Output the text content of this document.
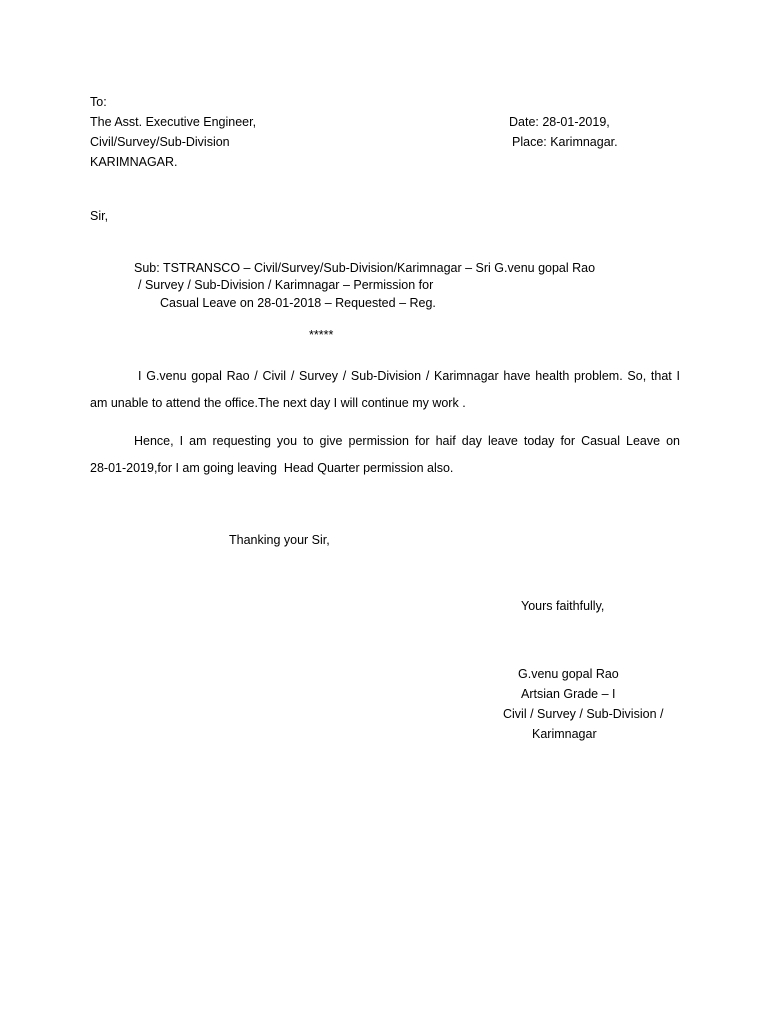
To:
The Asst. Executive Engineer,
Civil/Survey/Sub-Division
KARIMNAGAR.
Date: 28-01-2019,
Place: Karimnagar.
Sir,
Sub: TSTRANSCO – Civil/Survey/Sub-Division/Karimnagar – Sri G.venu gopal Rao
/ Survey / Sub-Division / Karimnagar – Permission for
Casual Leave on 28-01-2018 – Requested – Reg.
*****
I G.venu gopal Rao / Civil / Survey / Sub-Division / Karimnagar have health problem. So, that I
am unable to attend the office.The next day I will continue my work .
Hence, I am requesting you to give permission for haif day leave today for Casual Leave on
28-01-2019,for I am going leaving  Head Quarter permission also.
Thanking your Sir,
Yours faithfully,
G.venu gopal Rao
Artsian Grade – I
Civil / Survey / Sub-Division /
Karimnagar
